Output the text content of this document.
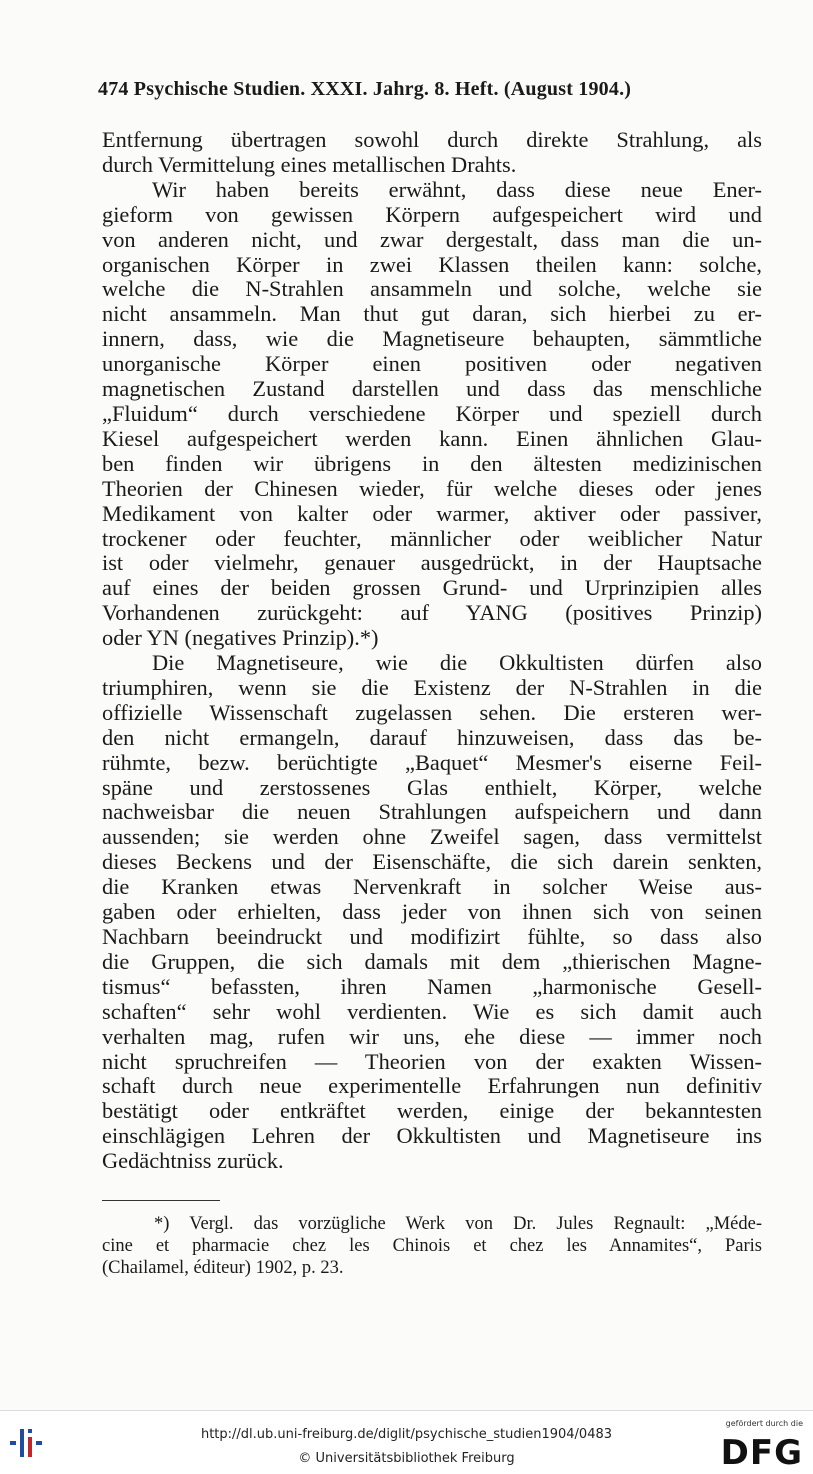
474 Psychische Studien. XXXI. Jahrg. 8. Heft. (August 1904.)

Entfernung übertragen sowohl durch direkte Strahlung, als
durch Vermittelung eines metallischen Drahts.

Wir haben bereits erwähnt, dass diese neue Ener-
gieform von gewissen Körpern aufgespeichert wird und
von anderen nicht, und zwar dergestalt, dass man die un-
organischen Körper in zwei Klassen theilen kann: solche,
welche die N-Strahlen ansammeln und solche, welche sie
nicht ansammeln. Man thut gut daran, sich hierbei zu er-
innern, dass, wie die Magnetiseure behaupten, sämmtliche
unorganische Körper einen positiven oder negativen
magnetischen Zustand darstellen und dass das menschliche
„Fluidum“ durch verschiedene Körper und speziell durch
Kiesel aufgespeichert werden kann. Einen ähnlichen Glau-
ben finden wir übrigens in den ältesten medizinischen
Theorien der Chinesen wieder, für welche dieses oder jenes
Medikament von kalter oder warmer, aktiver oder passiver,
trockener oder feuchter, männlicher oder weiblicher Natur
ist oder vielmehr, genauer ausgedrückt, in der Hauptsache
auf eines der beiden grossen Grund- und Urprinzipien alles
Vorhandenen zurückgeht: auf YANG (positives Prinzip)
oder YN (negatives Prinzip).*)

Die Magnetiseure, wie die Okkultisten dürfen also
triumphiren, wenn sie die Existenz der N-Strahlen in die
offizielle Wissenschaft zugelassen sehen. Die ersteren wer-
den nicht ermangeln, darauf hinzuweisen, dass das be-
rühmte, bezw. berüchtigte „Baquet“ Mesmer's eiserne Feil-
späne und zerstossenes Glas enthielt, Körper, welche
nachweisbar die neuen Strahlungen aufspeichern und dann
aussenden; sie werden ohne Zweifel sagen, dass vermittelst
dieses Beckens und der Eisenschäfte, die sich darein senkten,
die Kranken etwas Nervenkraft in solcher Weise aus-
gaben oder erhielten, dass jeder von ihnen sich von seinen
Nachbarn beeindruckt und modifizirt fühlte, so dass also
die Gruppen, die sich damals mit dem „thierischen Magne-
tismus“ befassten, ihren Namen „harmonische Gesell-
schaften“ sehr wohl verdienten. Wie es sich damit auch
verhalten mag, rufen wir uns, ehe diese — immer noch
nicht spruchreifen — Theorien von der exakten Wissen-
schaft durch neue experimentelle Erfahrungen nun definitiv
bestätigt oder entkräftet werden, einige der bekanntesten
einschlägigen Lehren der Okkultisten und Magnetiseure ins
Gedächtniss zurück.

*) Vergl. das vorzügliche Werk von Dr. Jules Regnault: „Méde-
cine et pharmacie chez les Chinois et chez les Annamites“, Paris
(Chailamel, éditeur) 1902, p. 23.
http://dl.ub.uni-freiburg.de/diglit/psychische_studien1904/0483
© Universitätsbibliothek Freiburg
gefördert durch die
DFG
